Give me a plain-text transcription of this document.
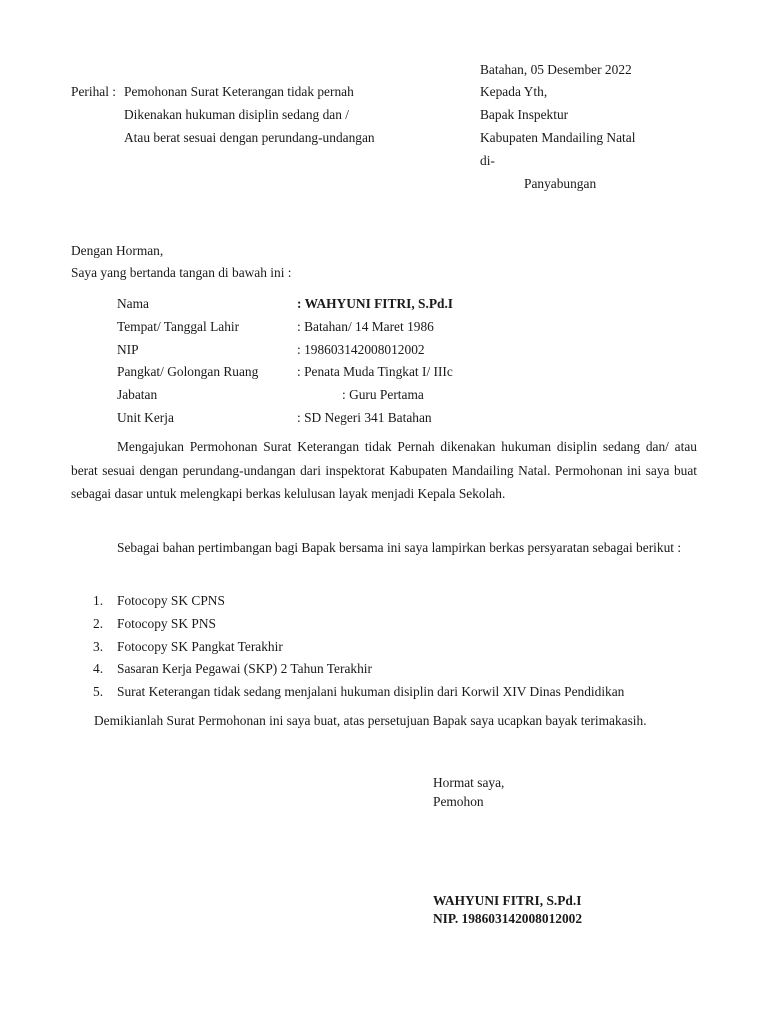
Batahan, 05 Desember 2022
Perihal : Pemohonan Surat Keterangan tidak pernah
Dikenakan hukuman disiplin sedang dan /
Atau berat sesuai dengan perundang-undangan
Kepada Yth,
Bapak Inspektur
Kabupaten Mandailing Natal
di-
Panyabungan
Dengan Horman,
Saya yang bertanda tangan di bawah ini :
Nama	: WAHYUNI FITRI, S.Pd.I
Tempat/ Tanggal Lahir	: Batahan/ 14 Maret 1986
NIP	: 198603142008012002
Pangkat/ Golongan Ruang	: Penata Muda Tingkat I/ IIIc
Jabatan	: Guru Pertama
Unit Kerja	: SD Negeri 341 Batahan
Mengajukan Permohonan Surat Keterangan tidak Pernah dikenakan hukuman disiplin sedang dan/ atau berat sesuai dengan perundang-undangan dari inspektorat Kabupaten Mandailing Natal. Permohonan ini saya buat sebagai dasar untuk melengkapi berkas kelulusan layak menjadi Kepala Sekolah.
Sebagai bahan pertimbangan bagi Bapak bersama ini saya lampirkan berkas persyaratan sebagai berikut :
1. Fotocopy SK CPNS
2. Fotocopy SK PNS
3. Fotocopy SK Pangkat Terakhir
4. Sasaran Kerja Pegawai (SKP) 2 Tahun Terakhir
5. Surat Keterangan tidak sedang menjalani hukuman disiplin dari Korwil XIV Dinas Pendidikan
Demikianlah Surat Permohonan ini saya buat, atas persetujuan Bapak saya ucapkan bayak terimakasih.
Hormat saya,
Pemohon
WAHYUNI FITRI, S.Pd.I
NIP. 198603142008012002
